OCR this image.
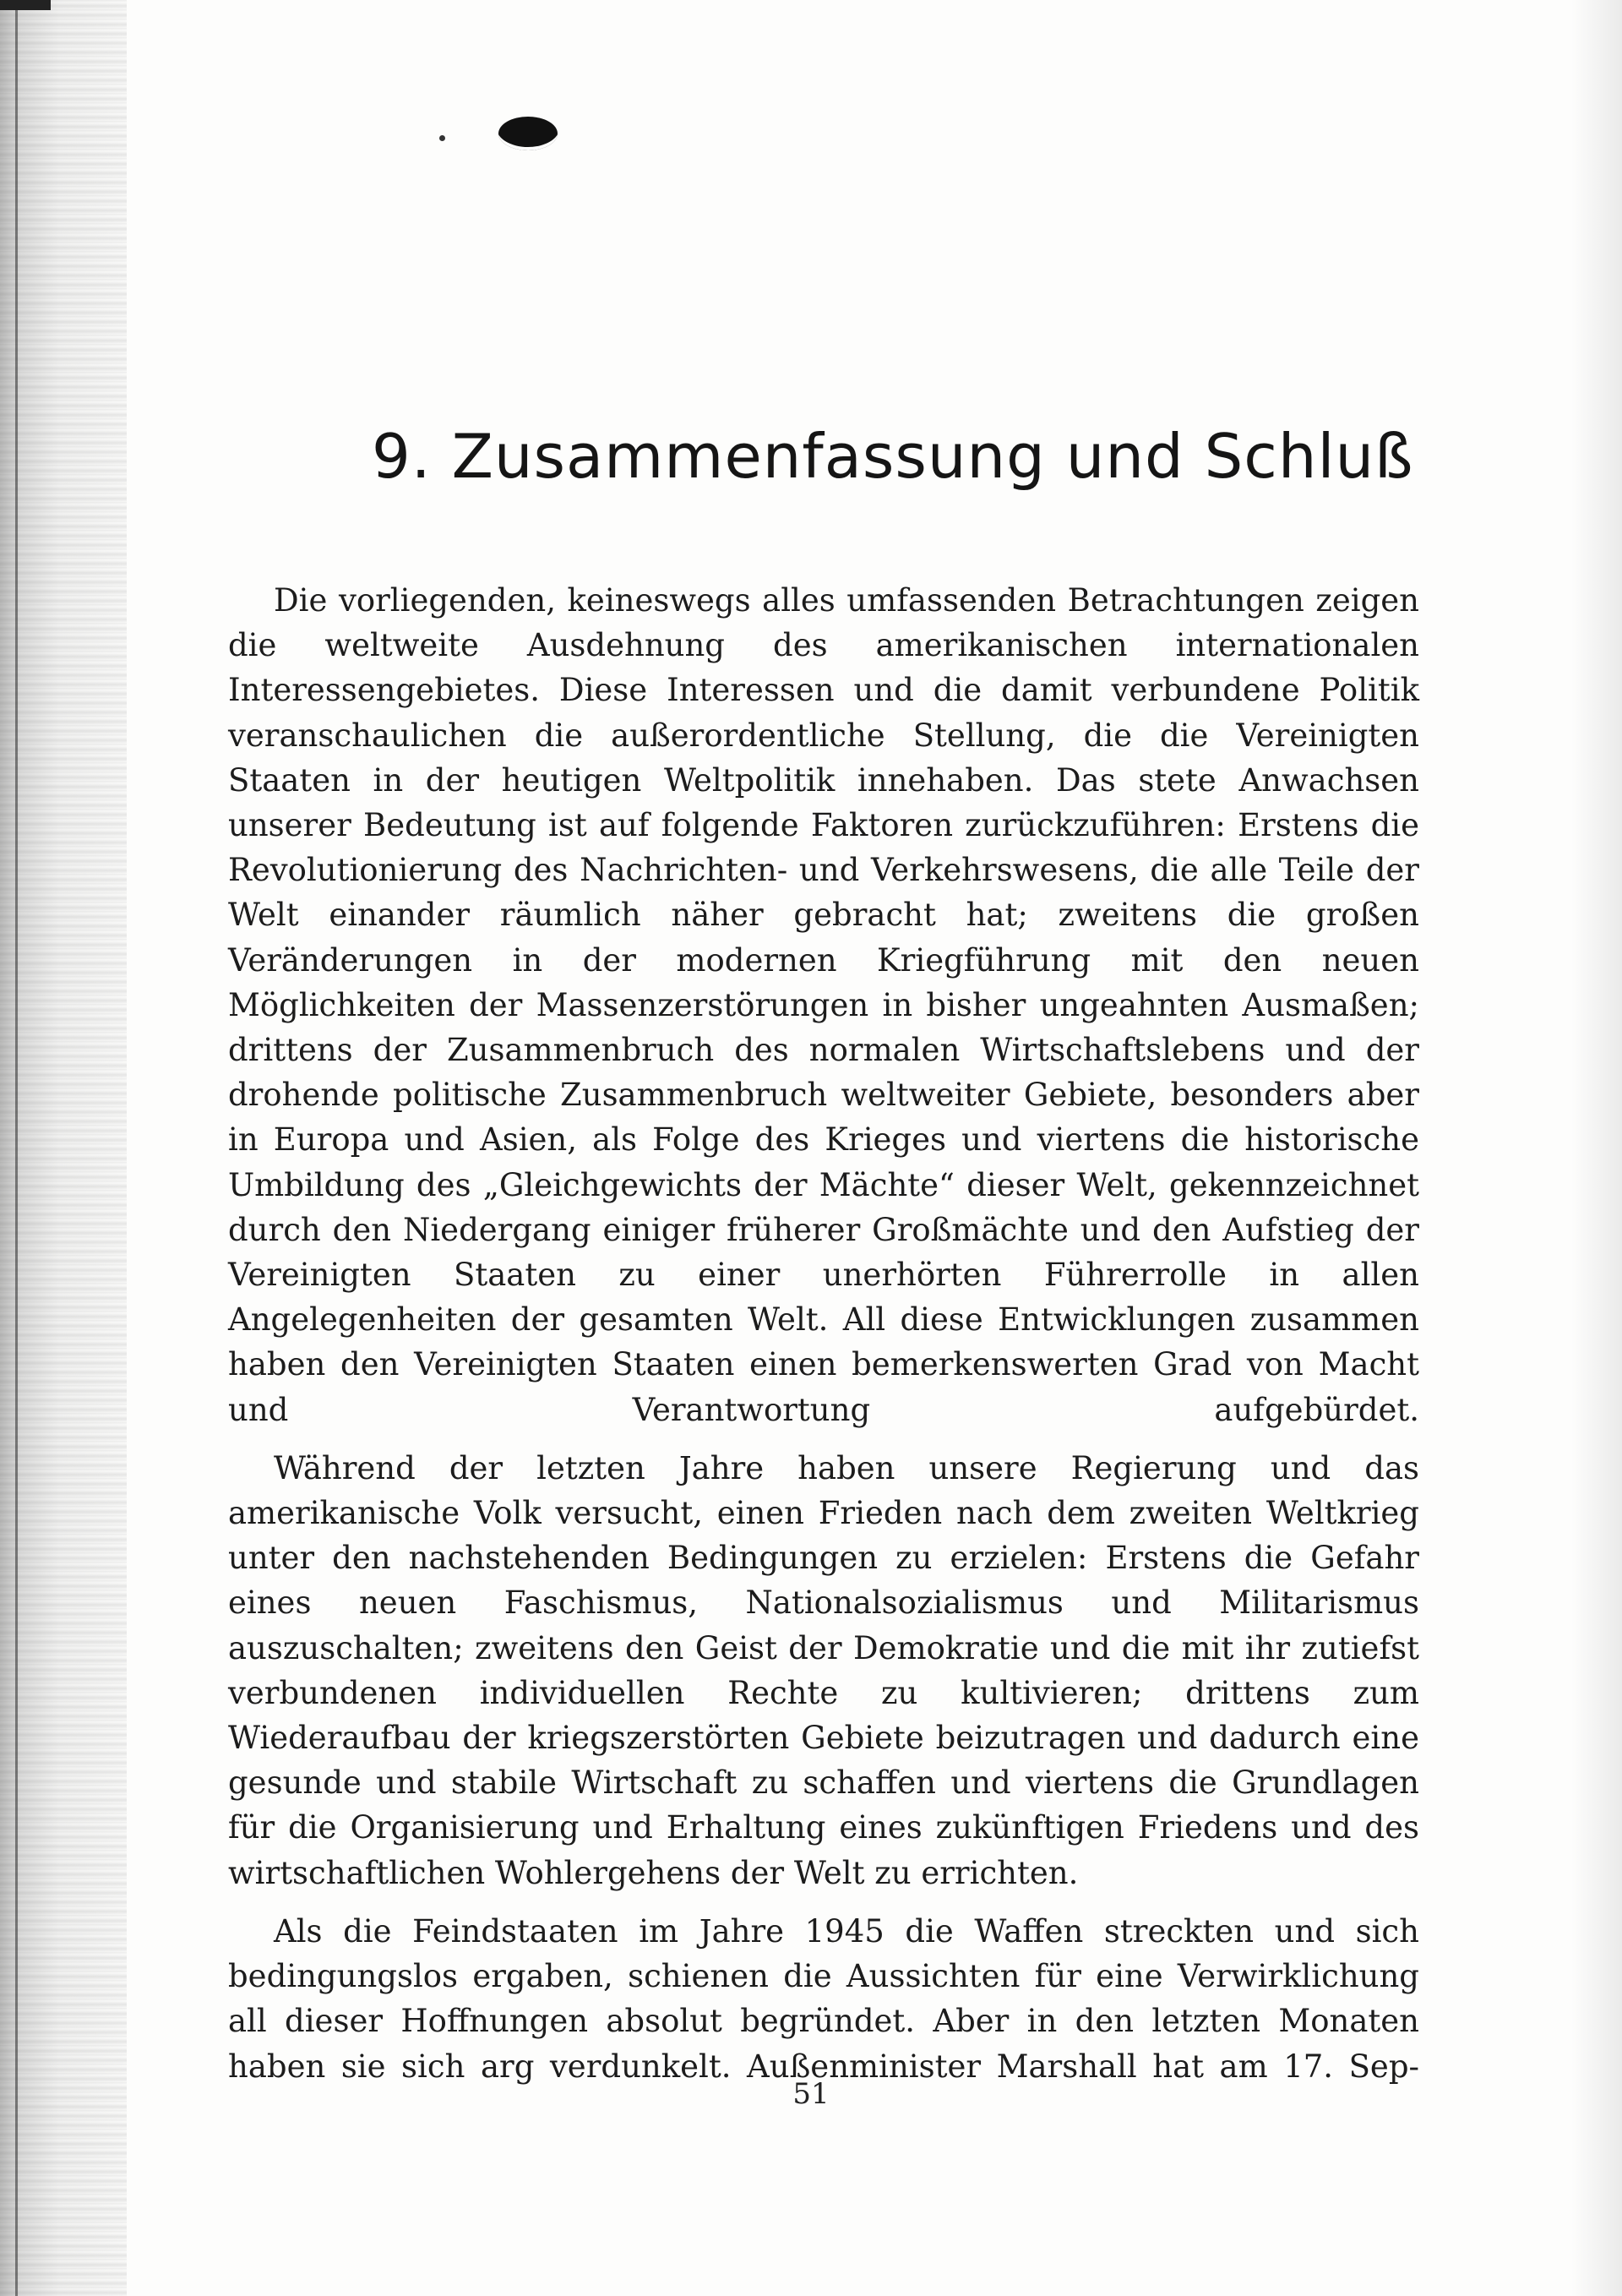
9. Zusammenfassung und Schluß

Die vorliegenden, keineswegs alles umfassenden Betrachtungen zeigen die weltweite Ausdehnung des amerikanischen internationalen Interessengebietes. Diese Interessen und die damit verbundene Politik veranschaulichen die außerordentliche Stellung, die die Vereinigten Staaten in der heutigen Weltpolitik innehaben. Das stete Anwachsen unserer Bedeutung ist auf folgende Faktoren zurückzuführen: Erstens die Revolutionierung des Nachrichten- und Verkehrswesens, die alle Teile der Welt einander räumlich näher gebracht hat; zweitens die großen Veränderungen in der modernen Kriegführung mit den neuen Möglichkeiten der Massenzerstörungen in bisher ungeahnten Ausmaßen; drittens der Zusammenbruch des normalen Wirtschaftslebens und der drohende politische Zusammenbruch weltweiter Gebiete, besonders aber in Europa und Asien, als Folge des Krieges und viertens die historische Umbildung des „Gleichgewichts der Mächte“ dieser Welt, gekennzeichnet durch den Niedergang einiger früherer Großmächte und den Aufstieg der Vereinigten Staaten zu einer unerhörten Führerrolle in allen Angelegenheiten der gesamten Welt. All diese Entwicklungen zusammen haben den Vereinigten Staaten einen bemerkenswerten Grad von Macht und Verantwortung aufgebürdet.

Während der letzten Jahre haben unsere Regierung und das amerikanische Volk versucht, einen Frieden nach dem zweiten Weltkrieg unter den nachstehenden Bedingungen zu erzielen: Erstens die Gefahr eines neuen Faschismus, Nationalsozialismus und Militarismus auszuschalten; zweitens den Geist der Demokratie und die mit ihr zutiefst verbundenen individuellen Rechte zu kultivieren; drittens zum Wiederaufbau der kriegszerstörten Gebiete beizutragen und dadurch eine gesunde und stabile Wirtschaft zu schaffen und viertens die Grundlagen für die Organisierung und Erhaltung eines zukünftigen Friedens und des wirtschaftlichen Wohlergehens der Welt zu errichten.

Als die Feindstaaten im Jahre 1945 die Waffen streckten und sich bedingungslos ergaben, schienen die Aussichten für eine Verwirklichung all dieser Hoffnungen absolut begründet. Aber in den letzten Monaten haben sie sich arg verdunkelt. Außenminister Marshall hat am 17. Sep-

51
